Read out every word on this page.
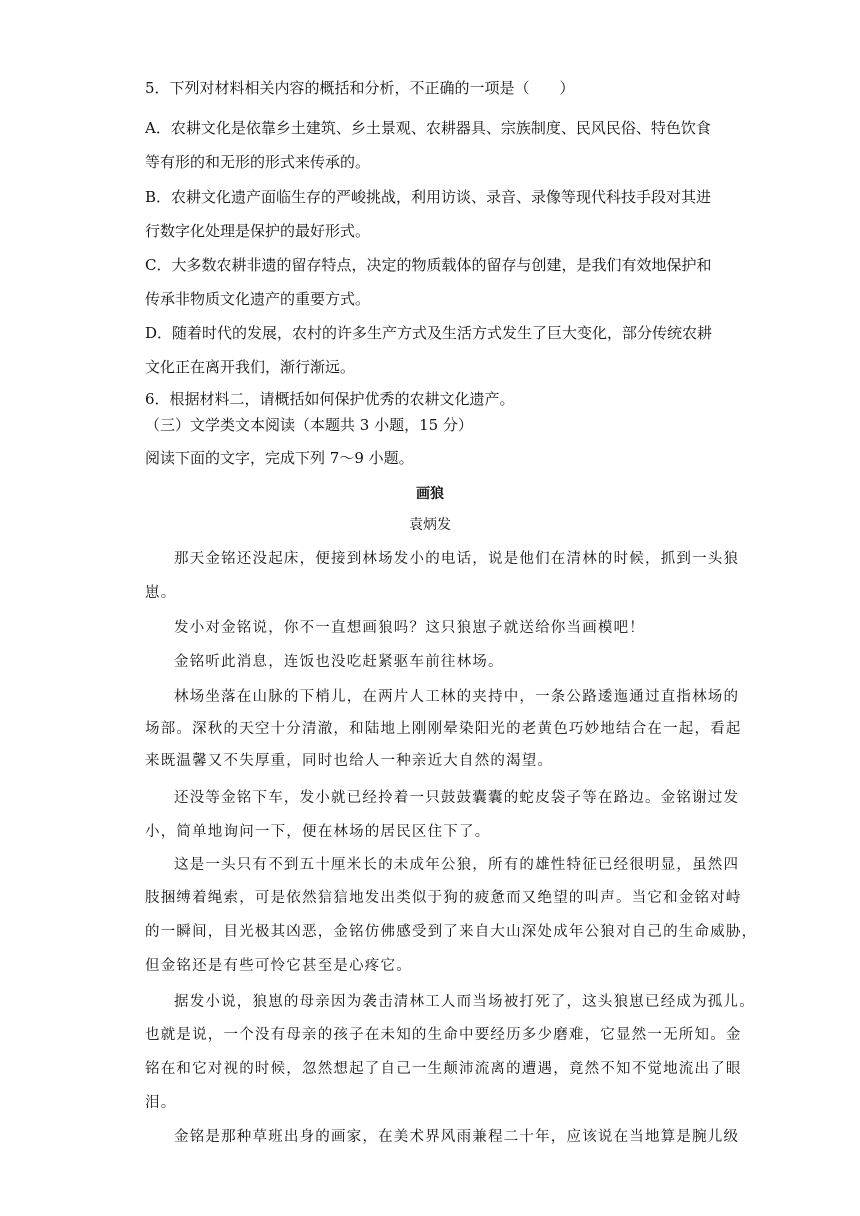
5．下列对材料相关内容的概括和分析，不正确的一项是（　　）

A．农耕文化是依靠乡土建筑、乡土景观、农耕器具、宗族制度、民风民俗、特色饮食

等有形的和无形的形式来传承的。

B．农耕文化遗产面临生存的严峻挑战，利用访谈、录音、录像等现代科技手段对其进

行数字化处理是保护的最好形式。

C．大多数农耕非遗的留存特点，决定的物质载体的留存与创建，是我们有效地保护和

传承非物质文化遗产的重要方式。

D．随着时代的发展，农村的许多生产方式及生活方式发生了巨大变化，部分传统农耕

文化正在离开我们，渐行渐远。

6．根据材料二，请概括如何保护优秀的农耕文化遗产。

（三）文学类文本阅读（本题共 3 小题，15 分）

阅读下面的文字，完成下列 7～9 小题。

画狼

袁炳发

那天金铭还没起床，便接到林场发小的电话，说是他们在清林的时候，抓到一头狼

崽。

发小对金铭说，你不一直想画狼吗？这只狼崽子就送给你当画模吧！

金铭听此消息，连饭也没吃赶紧驱车前往林场。

林场坐落在山脉的下梢儿，在两片人工林的夹持中，一条公路逶迤通过直指林场的

场部。深秋的天空十分清澈，和陆地上刚刚晕染阳光的老黄色巧妙地结合在一起，看起

来既温馨又不失厚重，同时也给人一种亲近大自然的渴望。

还没等金铭下车，发小就已经拎着一只鼓鼓囊囊的蛇皮袋子等在路边。金铭谢过发

小，简单地询问一下，便在林场的居民区住下了。

这是一头只有不到五十厘米长的未成年公狼，所有的雄性特征已经很明显，虽然四

肢捆缚着绳索，可是依然狺狺地发出类似于狗的疲惫而又绝望的叫声。当它和金铭对峙

的一瞬间，目光极其凶恶，金铭仿佛感受到了来自大山深处成年公狼对自己的生命威胁，

但金铭还是有些可怜它甚至是心疼它。

据发小说，狼崽的母亲因为袭击清林工人而当场被打死了，这头狼崽已经成为孤儿。

也就是说，一个没有母亲的孩子在未知的生命中要经历多少磨难，它显然一无所知。金

铭在和它对视的时候，忽然想起了自己一生颠沛流离的遭遇，竟然不知不觉地流出了眼

泪。

金铭是那种草班出身的画家，在美术界风雨兼程二十年，应该说在当地算是腕儿级
